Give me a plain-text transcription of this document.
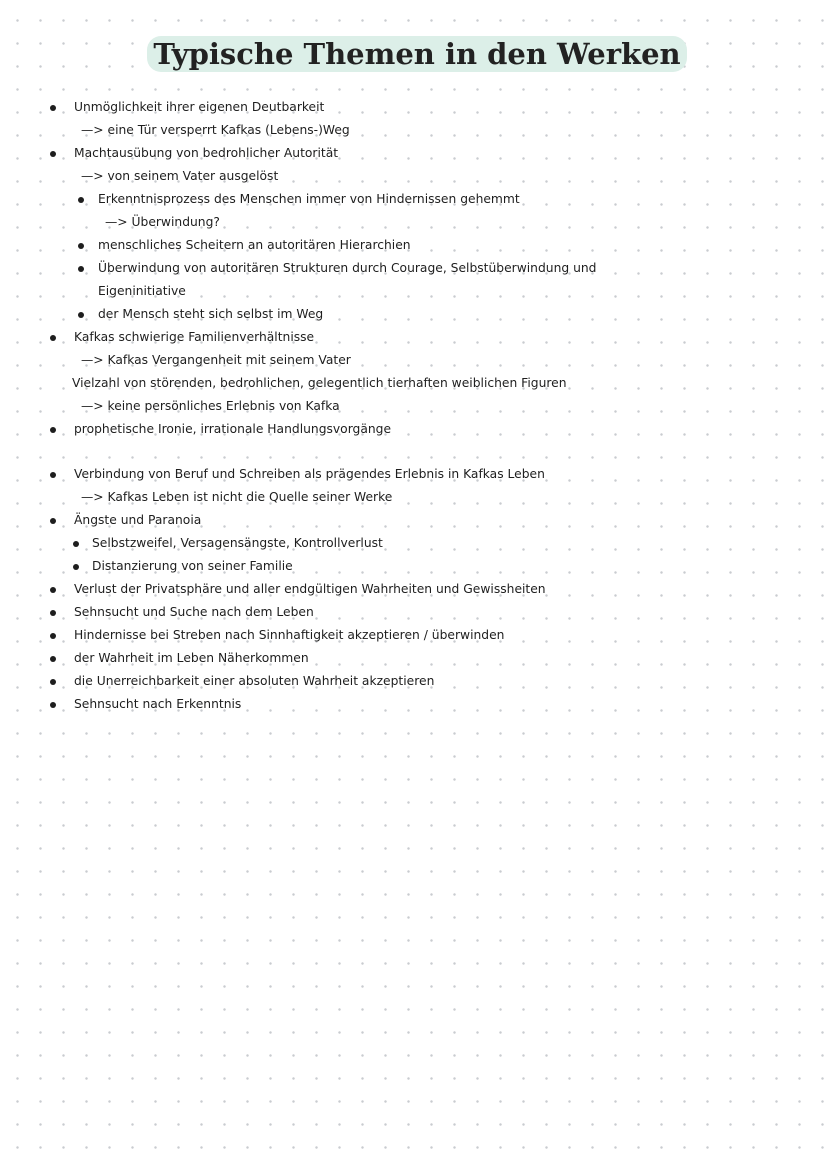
Typische Themen in den Werken
Unmöglichkeit ihrer eigenen Deutbarkeit
—> eine Tür versperrt Kafkas (Lebens-)Weg
Machtausübung von bedrohlicher Autorität
—> von seinem Vater ausgelöst
Erkenntnisprozess des Menschen immer von Hindernissen gehemmt
—> Überwindung?
menschliches Scheitern an autoritären Hierarchien
Überwindung von autoritären Strukturen durch Courage, Selbstüberwindung und
Eigeninitiative
der Mensch steht sich selbst im Weg
Kafkas schwierige Familienverhältnisse
—> Kafkas Vergangenheit mit seinem Vater
Vielzahl von störenden, bedrohlichen, gelegentlich tierhaften weiblichen Figuren
—> keine persönliches Erlebnis von Kafka
prophetische Ironie, irrationale Handlungsvorgänge
Verbindung von Beruf und Schreiben als prägendes Erlebnis in Kafkas Leben
—> Kafkas Leben ist nicht die Quelle seiner Werke
Ängste und Paranoia
Selbstzweifel, Versagensängste, Kontrollverlust
Distanzierung von seiner Familie
Verlust der Privatsphäre und aller endgültigen Wahrheiten und Gewissheiten
Sehnsucht und Suche nach dem Leben
Hindernisse bei Streben nach Sinnhaftigkeit akzeptieren / überwinden
der Wahrheit im Leben Näherkommen
die Unerreichbarkeit einer absoluten Wahrheit akzeptieren
Sehnsucht nach Erkenntnis
